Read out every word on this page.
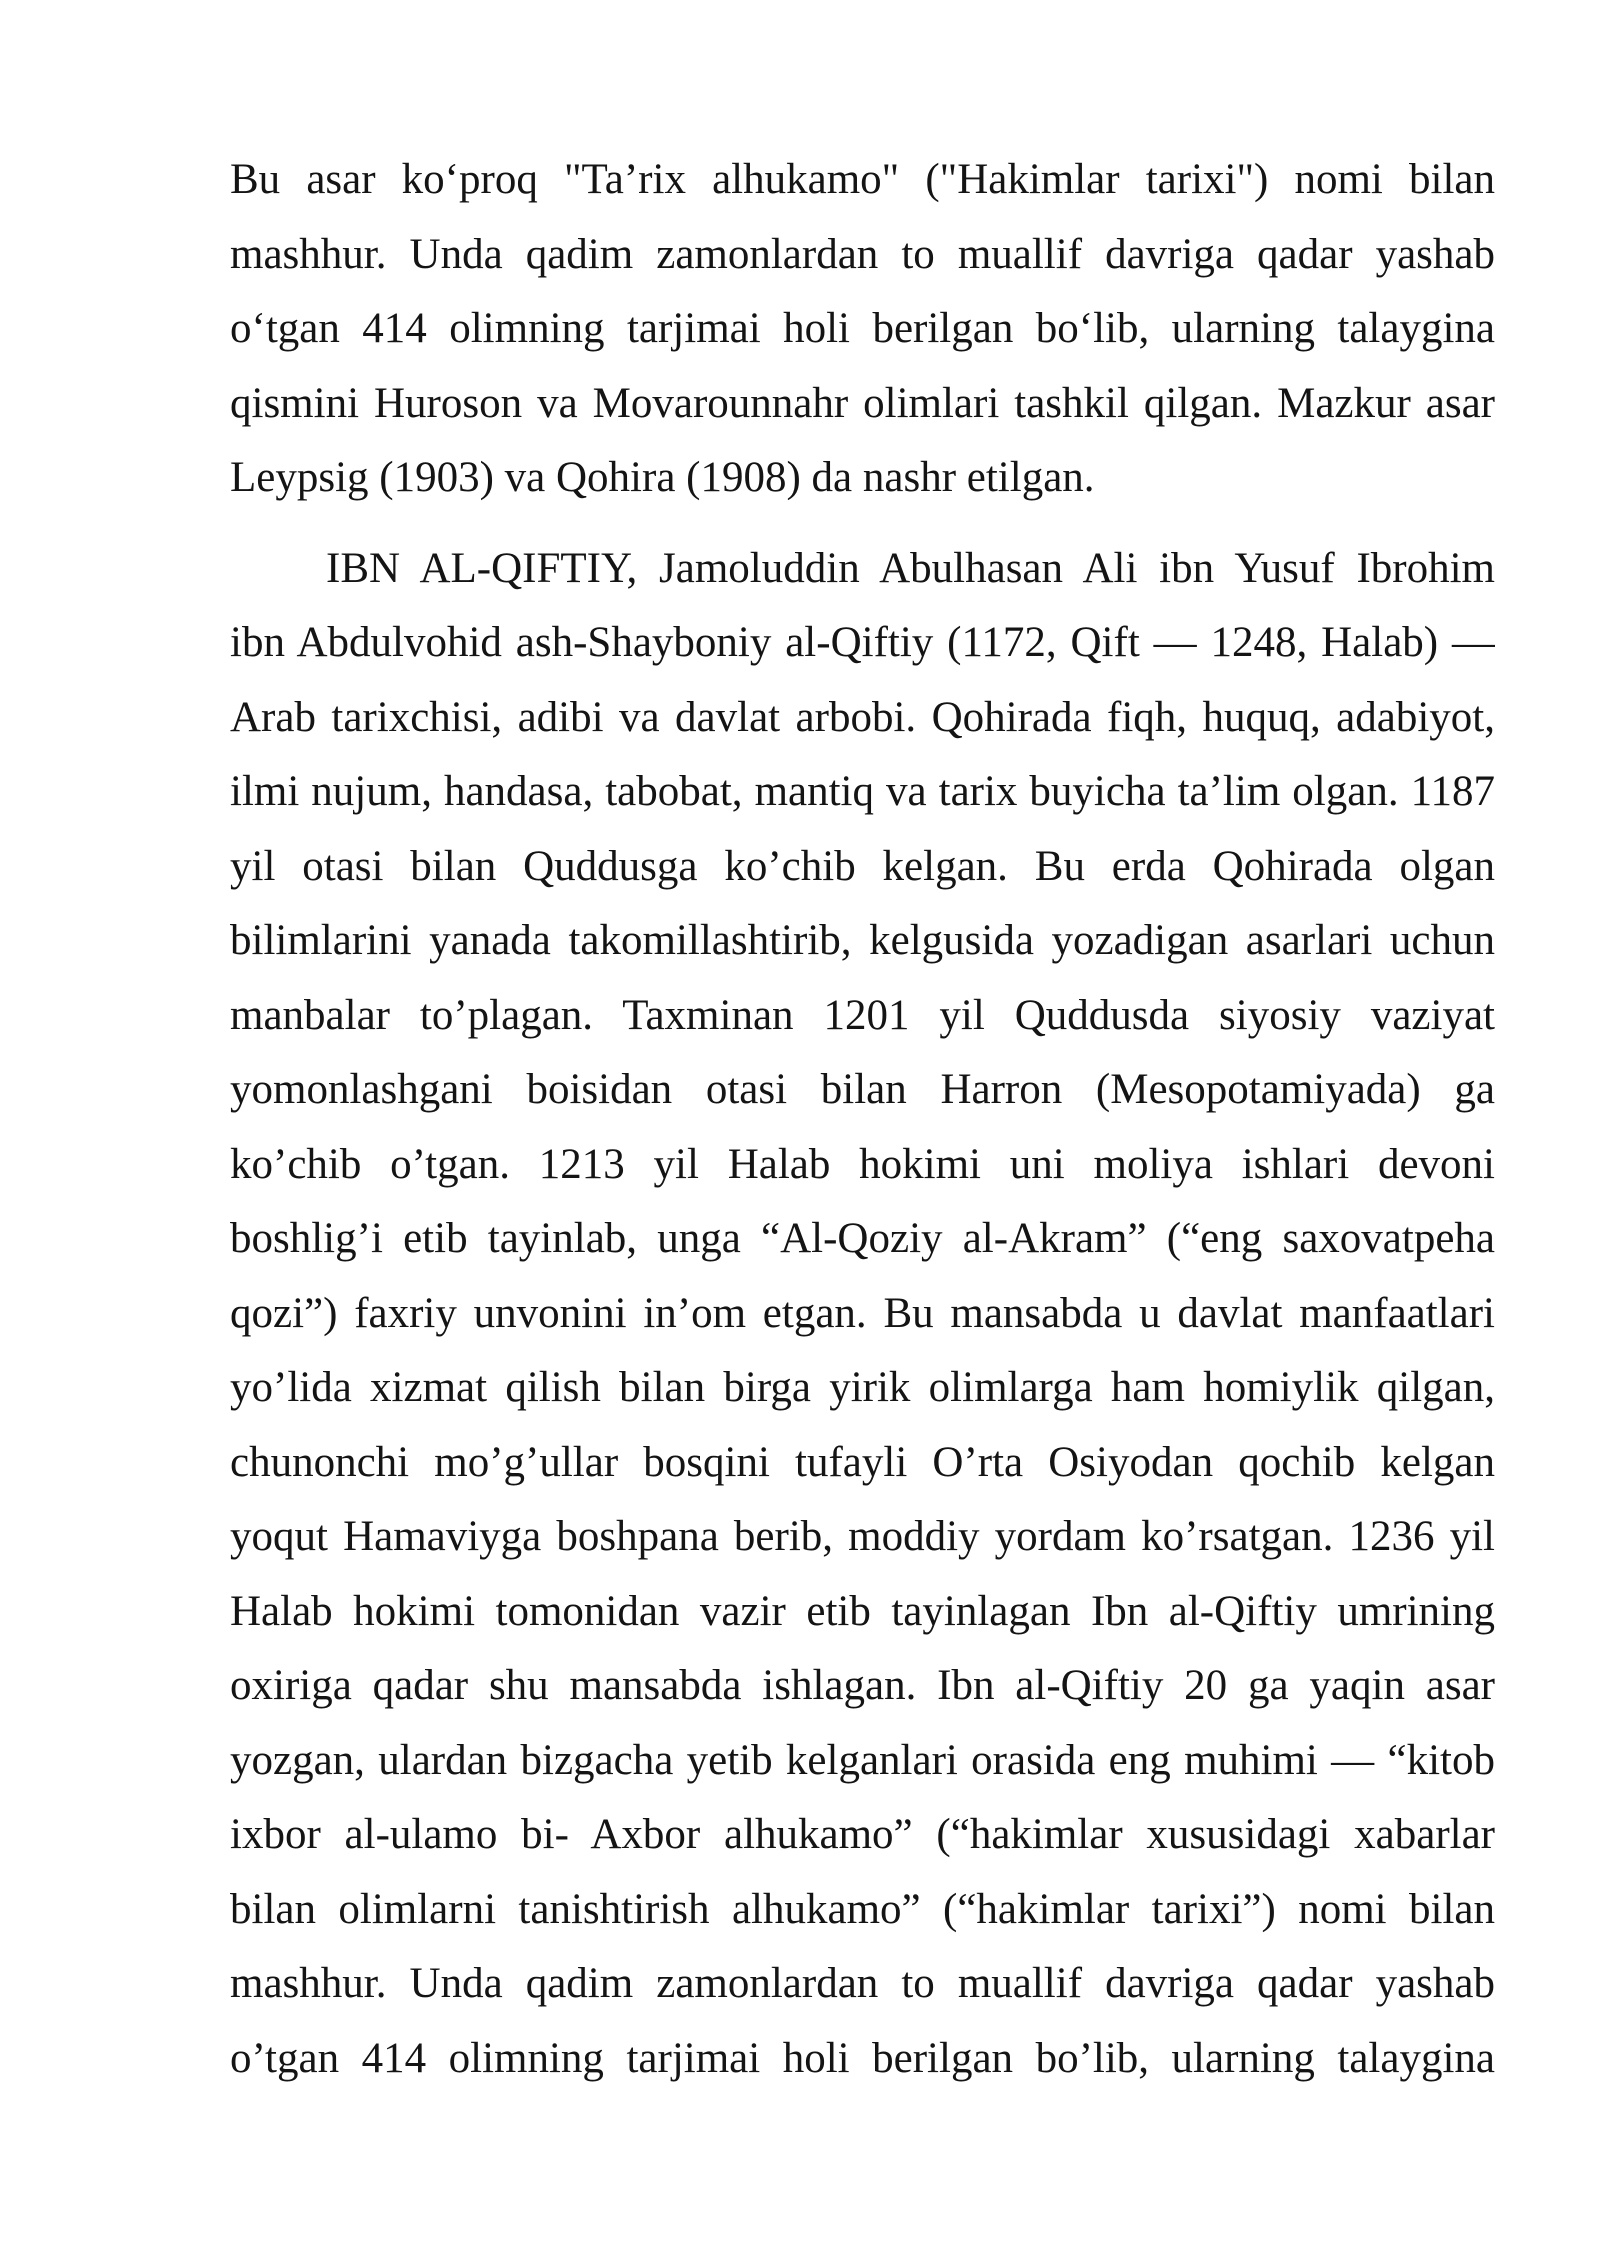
Bu asar ko‘proq "Ta’rix alhukamo" ("Hakimlar tarixi") nomi bilan
mashhur. Unda qadim zamonlardan to muallif davriga qadar yashab
o‘tgan 414 olimning tarjimai holi berilgan bo‘lib, ularning talaygina
qismini Huroson va Movarounnahr olimlari tashkil qilgan. Mazkur asar
Leypsig (1903) va Qohira (1908) da nashr etilgan.
IBN AL-QIFTIY, Jamoluddin Abulhasan Ali ibn Yusuf Ibrohim
ibn Abdulvohid ash-Shayboniy al-Qiftiy (1172, Qift — 1248, Halab) —
Arab tarixchisi, adibi va davlat arbobi. Qohirada fiqh, huquq, adabiyot,
ilmi nujum, handasa, tabobat, mantiq va tarix buyicha ta’lim olgan. 1187
yil otasi bilan Quddusga ko’chib kelgan. Bu erda Qohirada olgan
bilimlarini yanada takomillashtirib, kelgusida yozadigan asarlari uchun
manbalar to’plagan. Taxminan 1201 yil Quddusda siyosiy vaziyat
yomonlashgani boisidan otasi bilan Harron (Mesopotamiyada) ga
ko’chib o’tgan. 1213 yil Halab hokimi uni moliya ishlari devoni
boshlig’i etib tayinlab, unga “Al-Qoziy al-Akram” (“eng saxovatpeha
qozi”) faxriy unvonini in’om etgan. Bu mansabda u davlat manfaatlari
yo’lida xizmat qilish bilan birga yirik olimlarga ham homiylik qilgan,
chunonchi mo’g’ullar bosqini tufayli O’rta Osiyodan qochib kelgan
yoqut Hamaviyga boshpana berib, moddiy yordam ko’rsatgan. 1236 yil
Halab hokimi tomonidan vazir etib tayinlagan Ibn al-Qiftiy umrining
oxiriga qadar shu mansabda ishlagan. Ibn al-Qiftiy 20 ga yaqin asar
yozgan, ulardan bizgacha yetib kelganlari orasida eng muhimi — “kitob
ixbor al-ulamo bi- Axbor alhukamo” (“hakimlar xususidagi xabarlar
bilan olimlarni tanishtirish alhukamo” (“hakimlar tarixi”) nomi bilan
mashhur. Unda qadim zamonlardan to muallif davriga qadar yashab
o’tgan 414 olimning tarjimai holi berilgan bo’lib, ularning talaygina
